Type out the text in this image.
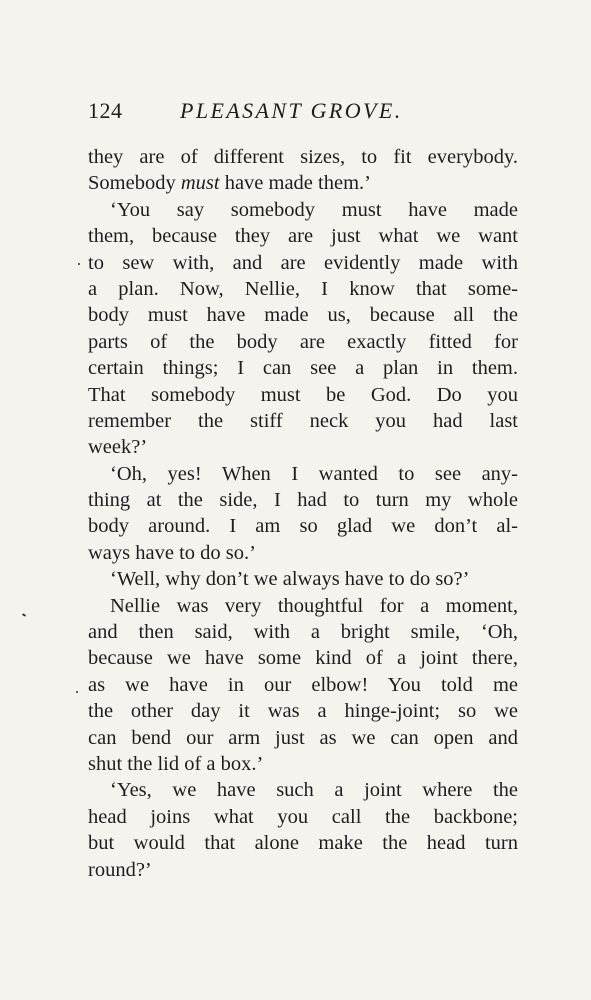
124	PLEASANT GROVE.
they are of different sizes, to fit everybody.
Somebody must have made them.’
‘You say somebody must have made
them, because they are just what we want
to sew with, and are evidently made with
a plan. Now, Nellie, I know that some-
body must have made us, because all the
parts of the body are exactly fitted for
certain things; I can see a plan in them.
That somebody must be God. Do you
remember the stiff neck you had last
week?’
‘Oh, yes! When I wanted to see any-
thing at the side, I had to turn my whole
body around. I am so glad we don’t al-
ways have to do so.’
‘Well, why don’t we always have to do so?’
Nellie was very thoughtful for a moment,
and then said, with a bright smile, ‘Oh,
because we have some kind of a joint there,
as we have in our elbow! You told me
the other day it was a hinge-joint; so we
can bend our arm just as we can open and
shut the lid of a box.’
‘Yes, we have such a joint where the
head joins what you call the backbone;
but would that alone make the head turn
round?’
